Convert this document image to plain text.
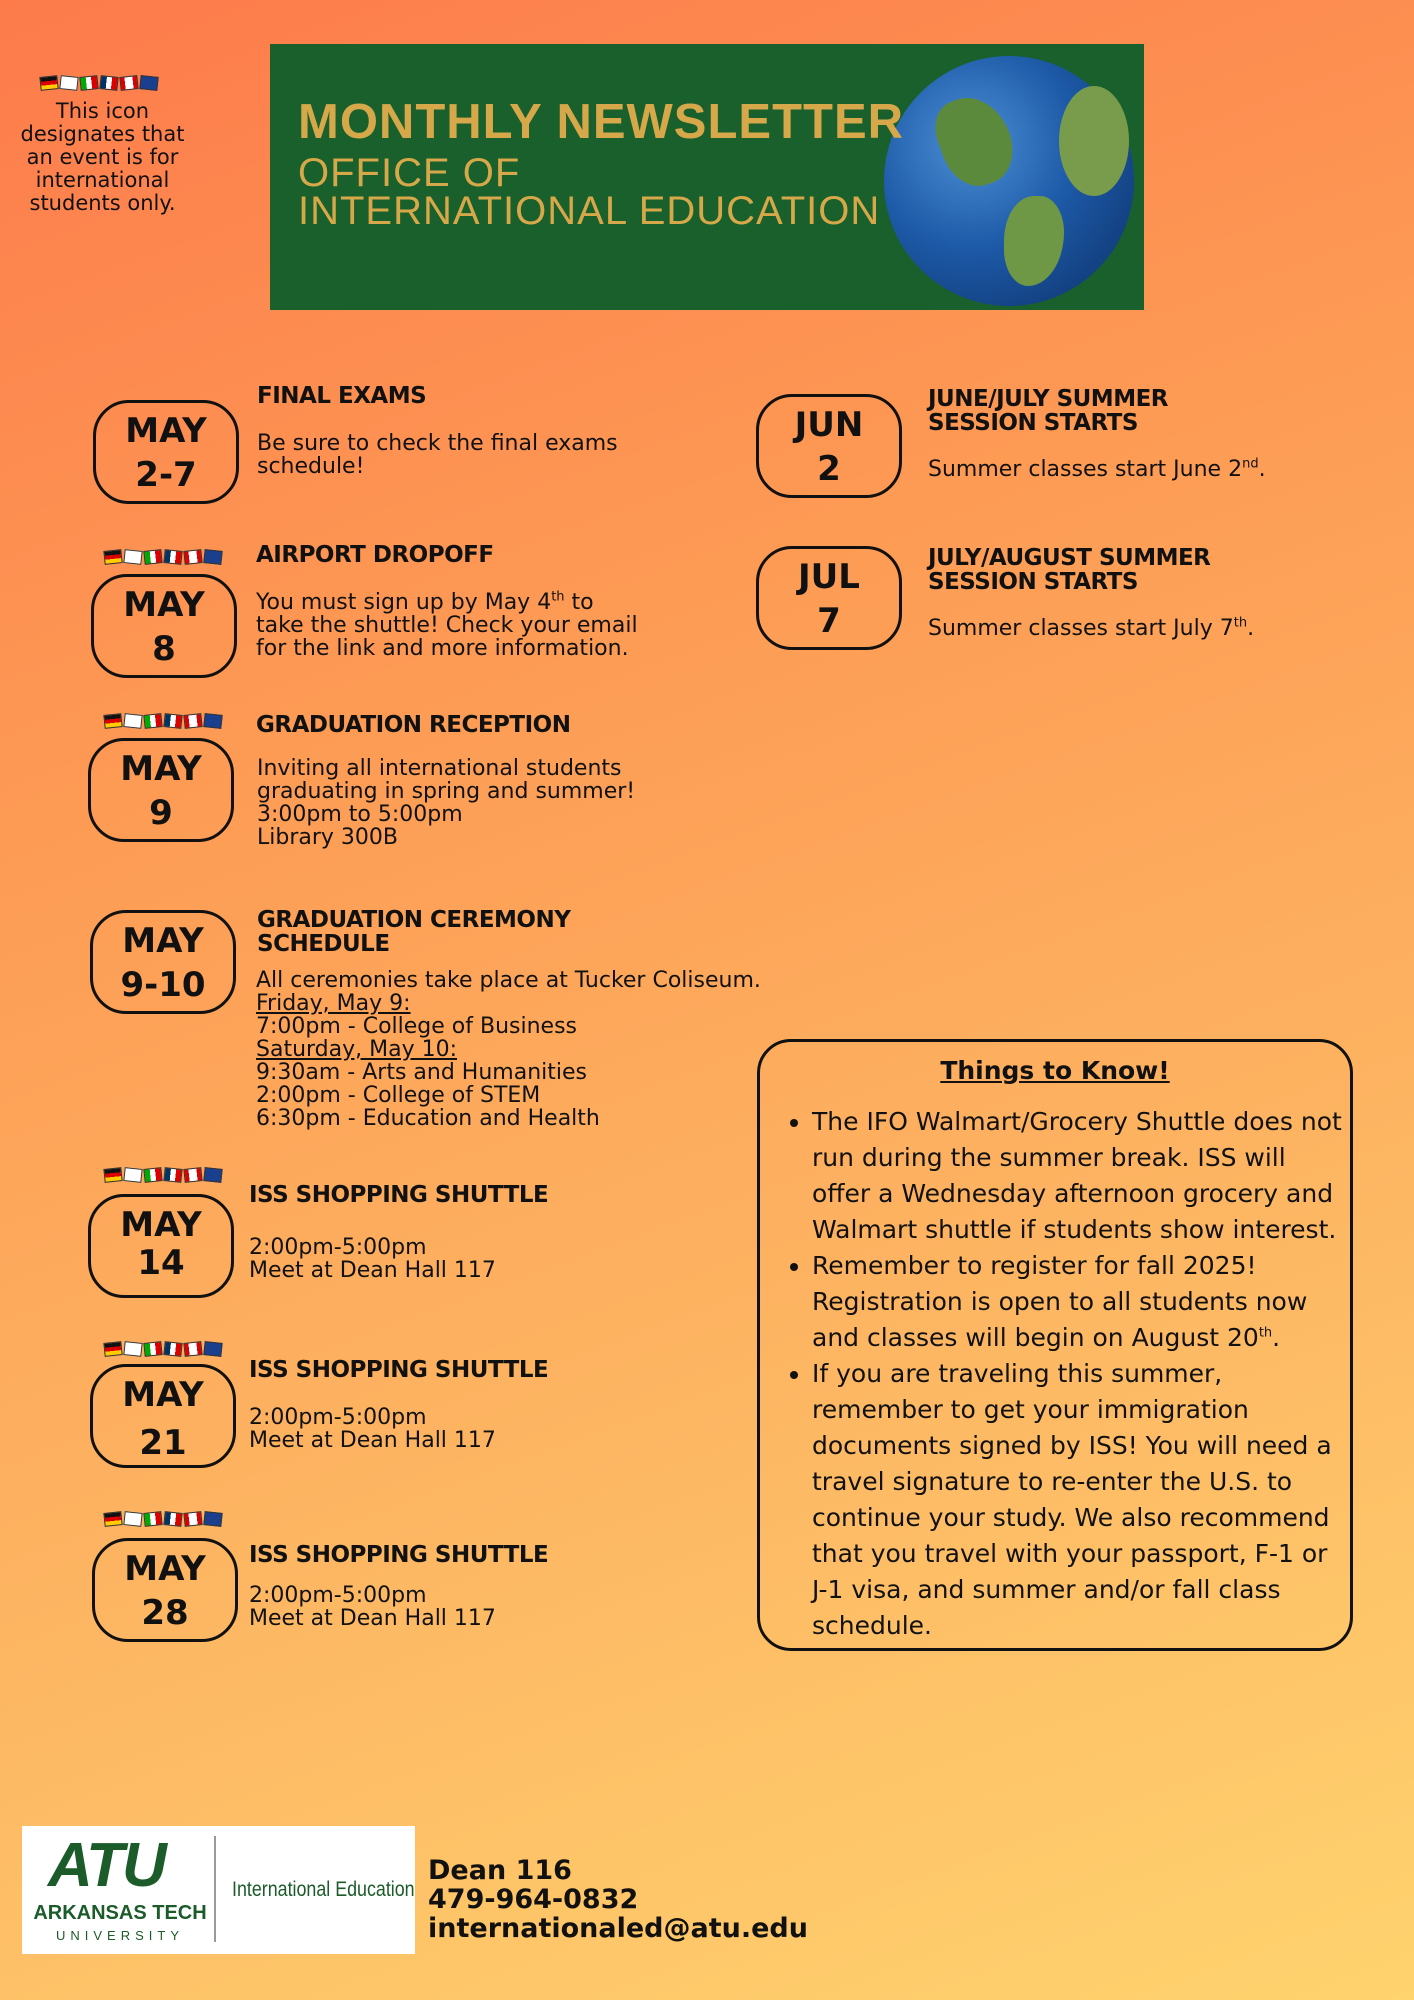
This icon designates that an event is for international students only.
MONTHLY NEWSLETTER
OFFICE OF
INTERNATIONAL EDUCATION
MAY
2-7
FINAL EXAMS
Be sure to check the final exams
schedule!
MAY
8
AIRPORT DROPOFF
You must sign up by May 4th to
take the shuttle! Check your email
for the link and more information.
MAY
9
GRADUATION RECEPTION
Inviting all international students
graduating in spring and summer!
3:00pm to 5:00pm
Library 300B
MAY
9-10
GRADUATION CEREMONY
SCHEDULE
All ceremonies take place at Tucker Coliseum.
Friday, May 9:
7:00pm - College of Business
Saturday, May 10:
9:30am - Arts and Humanities
2:00pm - College of STEM
6:30pm - Education and Health
MAY
14
ISS SHOPPING SHUTTLE
2:00pm-5:00pm
Meet at Dean Hall 117
MAY
21
ISS SHOPPING SHUTTLE
2:00pm-5:00pm
Meet at Dean Hall 117
MAY
28
ISS SHOPPING SHUTTLE
2:00pm-5:00pm
Meet at Dean Hall 117
JUN
2
JUNE/JULY SUMMER
SESSION STARTS
Summer classes start June 2nd.
JUL
7
JULY/AUGUST SUMMER
SESSION STARTS
Summer classes start July 7th.
Things to Know!
• The IFO Walmart/Grocery Shuttle does not run during the summer break. ISS will offer a Wednesday afternoon grocery and Walmart shuttle if students show interest.
• Remember to register for fall 2025! Registration is open to all students now and classes will begin on August 20th.
• If you are traveling this summer, remember to get your immigration documents signed by ISS! You will need a travel signature to re-enter the U.S. to continue your study. We also recommend that you travel with your passport, F-1 or J-1 visa, and summer and/or fall class schedule.
ATU
ARKANSAS TECH
UNIVERSITY
International Education
Dean 116
479-964-0832
internationaled@atu.edu
